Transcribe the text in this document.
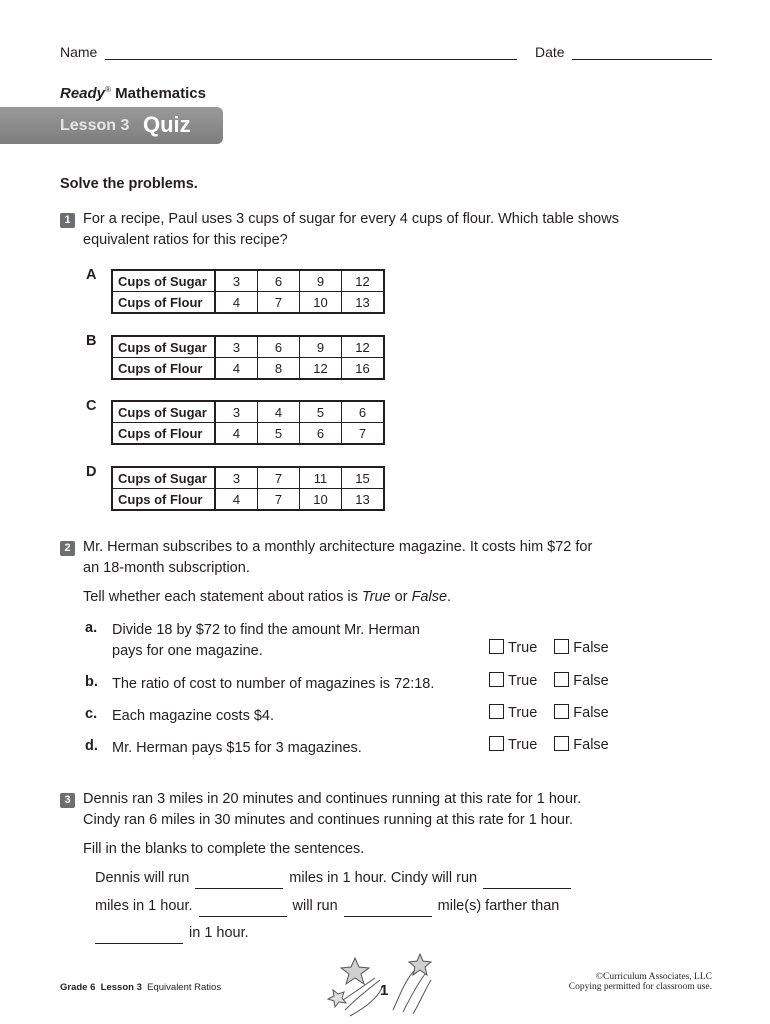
Name	Date
Ready® Mathematics
Lesson 3 Quiz
Solve the problems.
1 For a recipe, Paul uses 3 cups of sugar for every 4 cups of flour. Which table shows
equivalent ratios for this recipe?
A Cups of Sugar	3	6	9	12
Cups of Flour	4	7	10	13
B Cups of Sugar	3	6	9	12
Cups of Flour	4	8	12	16
C Cups of Sugar	3	4	5	6
Cups of Flour	4	5	6	7
D Cups of Sugar	3	7	11	15
Cups of Flour	4	7	10	13
2 Mr. Herman subscribes to a monthly architecture magazine. It costs him $72 for
an 18-month subscription.
Tell whether each statement about ratios is True or False.
a. Divide 18 by $72 to find the amount Mr. Herman
pays for one magazine.	True False
b. The ratio of cost to number of magazines is 72:18.	True False
c. Each magazine costs $4.	True False
d. Mr. Herman pays $15 for 3 magazines.	True False
3 Dennis ran 3 miles in 20 minutes and continues running at this rate for 1 hour.
Cindy ran 6 miles in 30 minutes and continues running at this rate for 1 hour.
Fill in the blanks to complete the sentences.
Dennis will run	miles in 1 hour. Cindy will run
miles in 1 hour.	will run	mile(s) farther than
in 1 hour.
Grade 6 Lesson 3 Equivalent Ratios	1
©Curriculum Associates, LLC
Copying permitted for classroom use.
